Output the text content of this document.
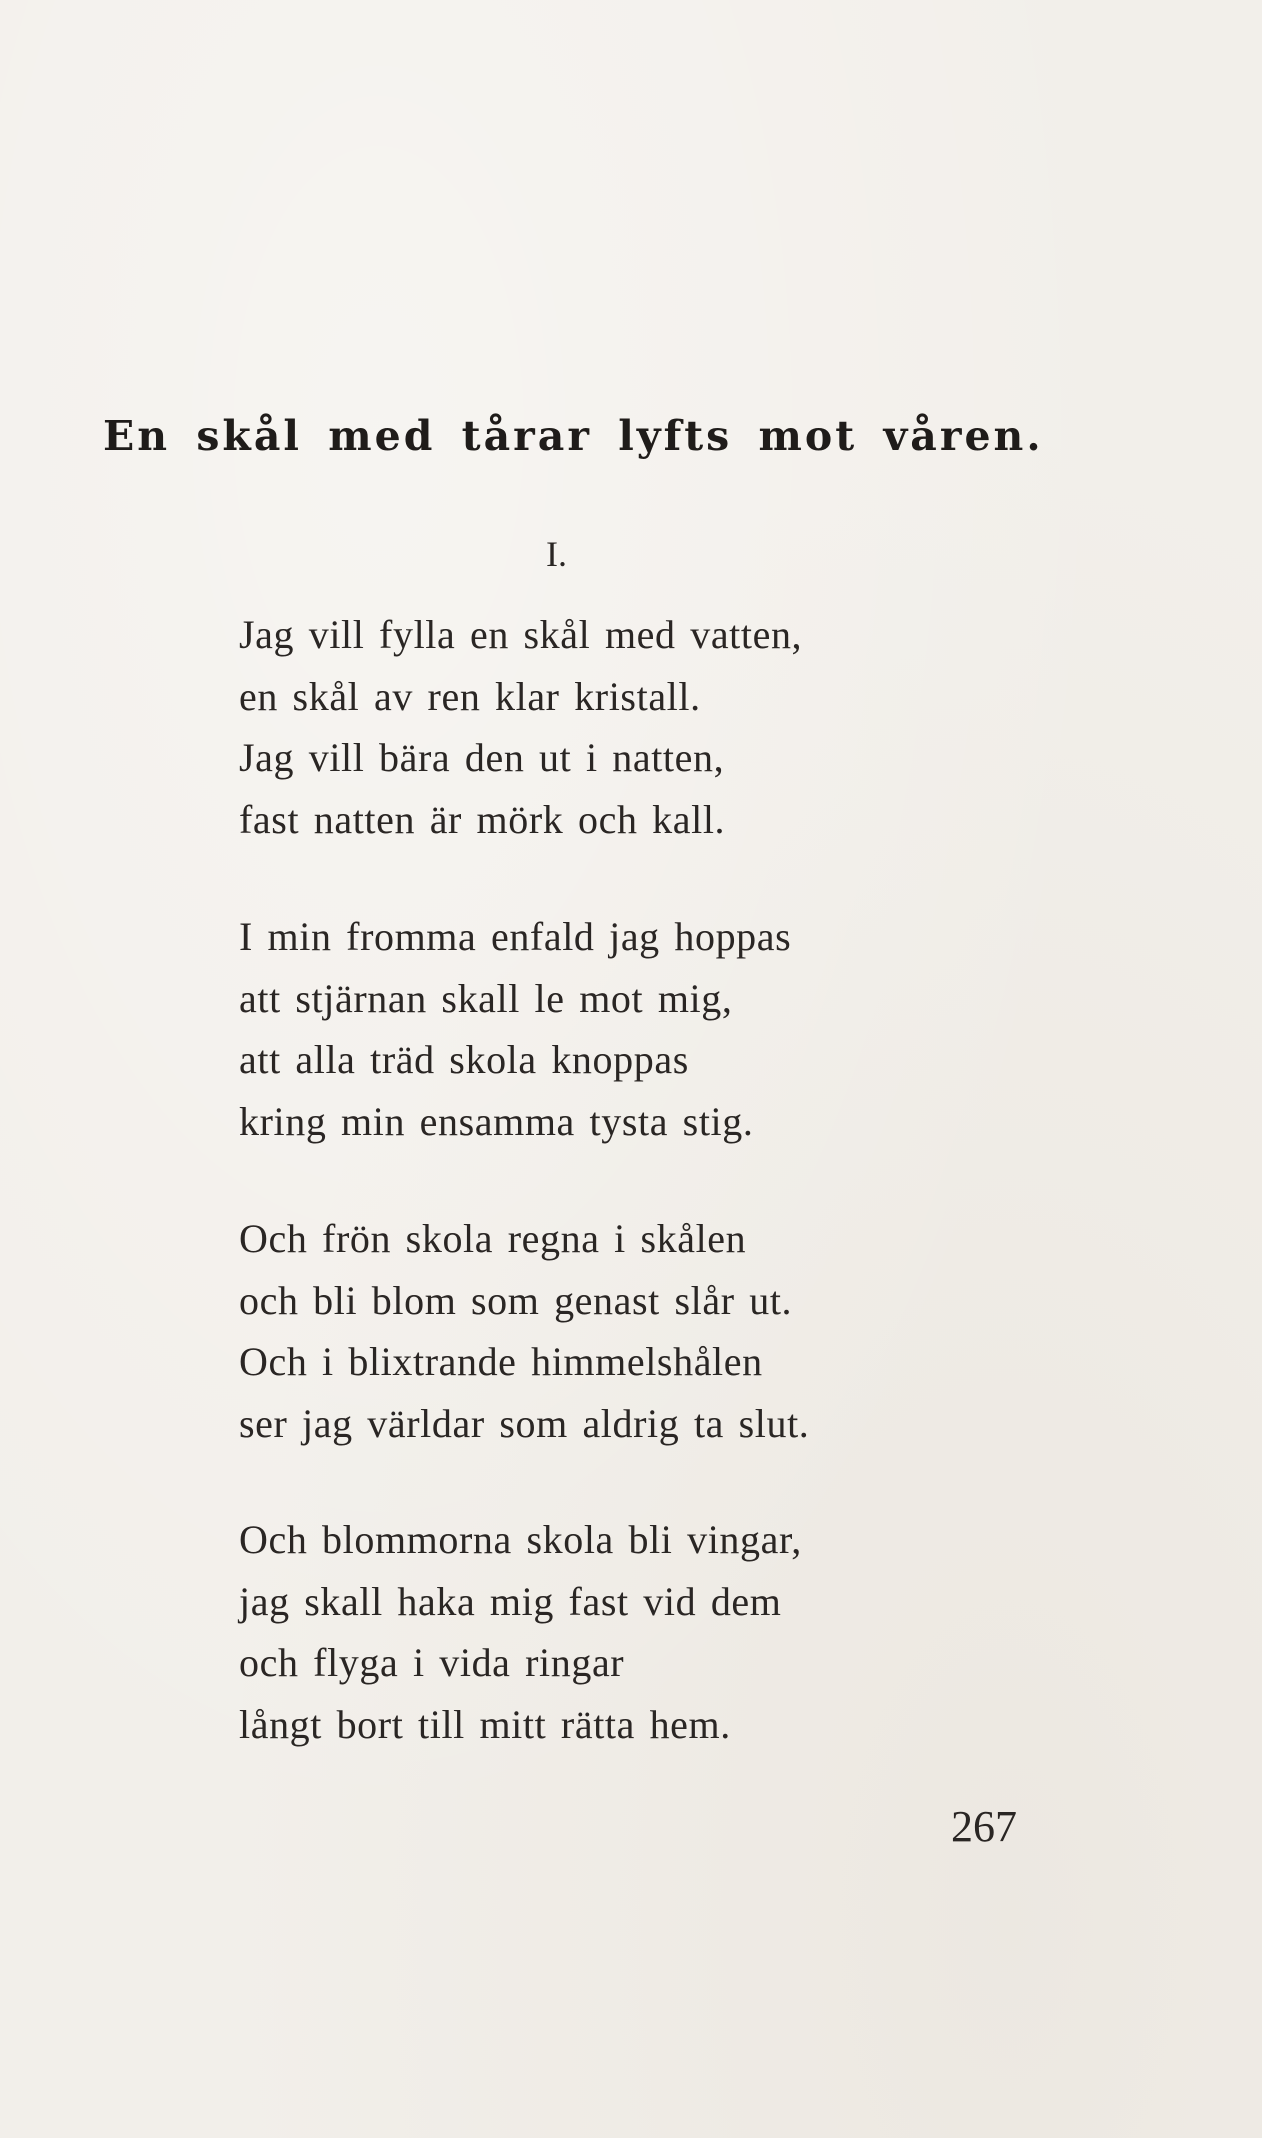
En skål med tårar lyfts mot våren.

I.

Jag vill fylla en skål med vatten,
en skål av ren klar kristall.
Jag vill bära den ut i natten,
fast natten är mörk och kall.
I min fromma enfald jag hoppas
att stjärnan skall le mot mig,
att alla träd skola knoppas
kring min ensamma tysta stig.
Och frön skola regna i skålen
och bli blom som genast slår ut.
Och i blixtrande himmelshålen
ser jag världar som aldrig ta slut.
Och blommorna skola bli vingar,
jag skall haka mig fast vid dem
och flyga i vida ringar
långt bort till mitt rätta hem.

267
